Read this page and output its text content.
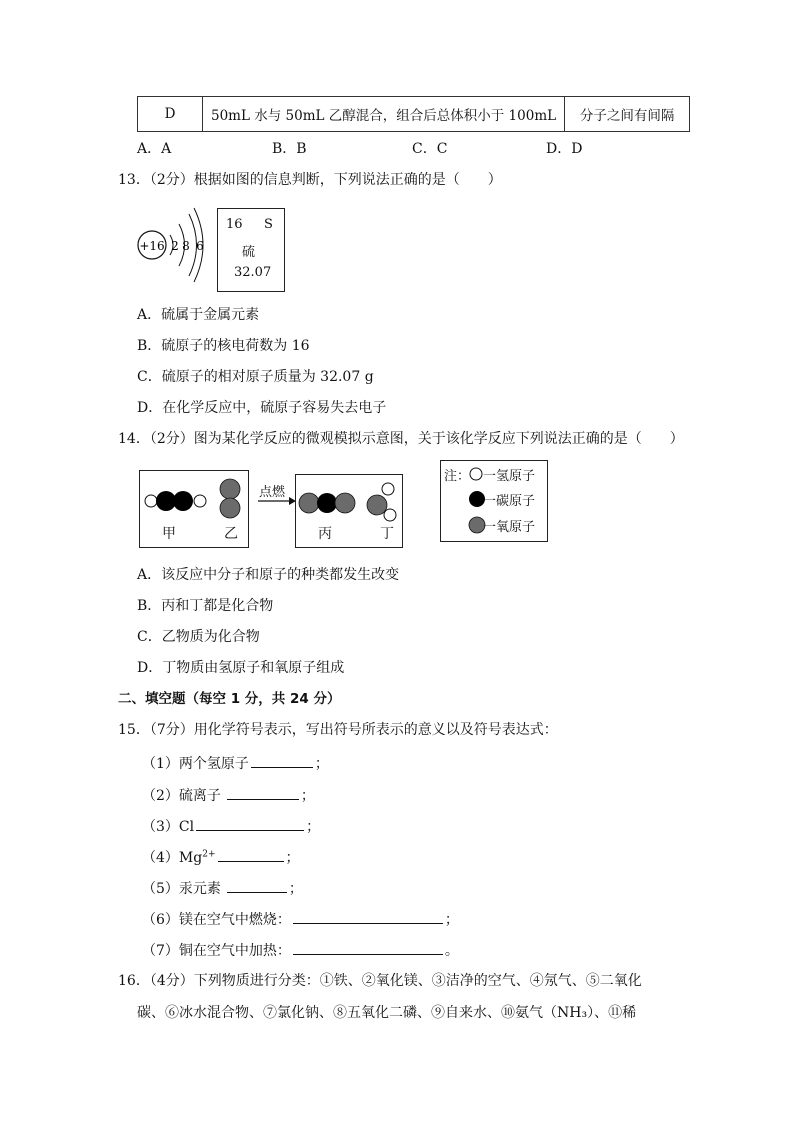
D	50mL 水与 50mL 乙醇混合，组合后总体积小于 100mL	分子之间有间隔
A．A	B．B	C．C	D．D
13．（2分）根据如图的信息判断，下列说法正确的是（　　）
+16 2 8 6
16 S
硫
32.07
A．硫属于金属元素
B．硫原子的核电荷数为 16
C．硫原子的相对原子质量为 32.07 g
D．在化学反应中，硫原子容易失去电子
14．（2分）图为某化学反应的微观模拟示意图，关于该化学反应下列说法正确的是（　　）
甲	乙
点燃
丙	丁
注： 一氢原子
一碳原子
一氧原子
A．该反应中分子和原子的种类都发生改变
B．丙和丁都是化合物
C．乙物质为化合物
D．丁物质由氢原子和氧原子组成
二、填空题（每空 1 分，共 24 分）
15．（7分）用化学符号表示，写出符号所表示的意义以及符号表达式：
（1）两个氢原子	；
（2）硫离子	；
（3）Cl	；
$(4)Mg^{2+}$	；
（5）汞元素	；
（6）镁在空气中燃烧：	；
（7）铜在空气中加热：	。
16．（4分）下列物质进行分类：①铁、②氧化镁、③洁净的空气、④氖气、⑤二氧化
碳、⑥冰水混合物、⑦氯化钠、⑧五氧化二磷、⑨自来水、⑩氨气（NH₃）、⑪稀
